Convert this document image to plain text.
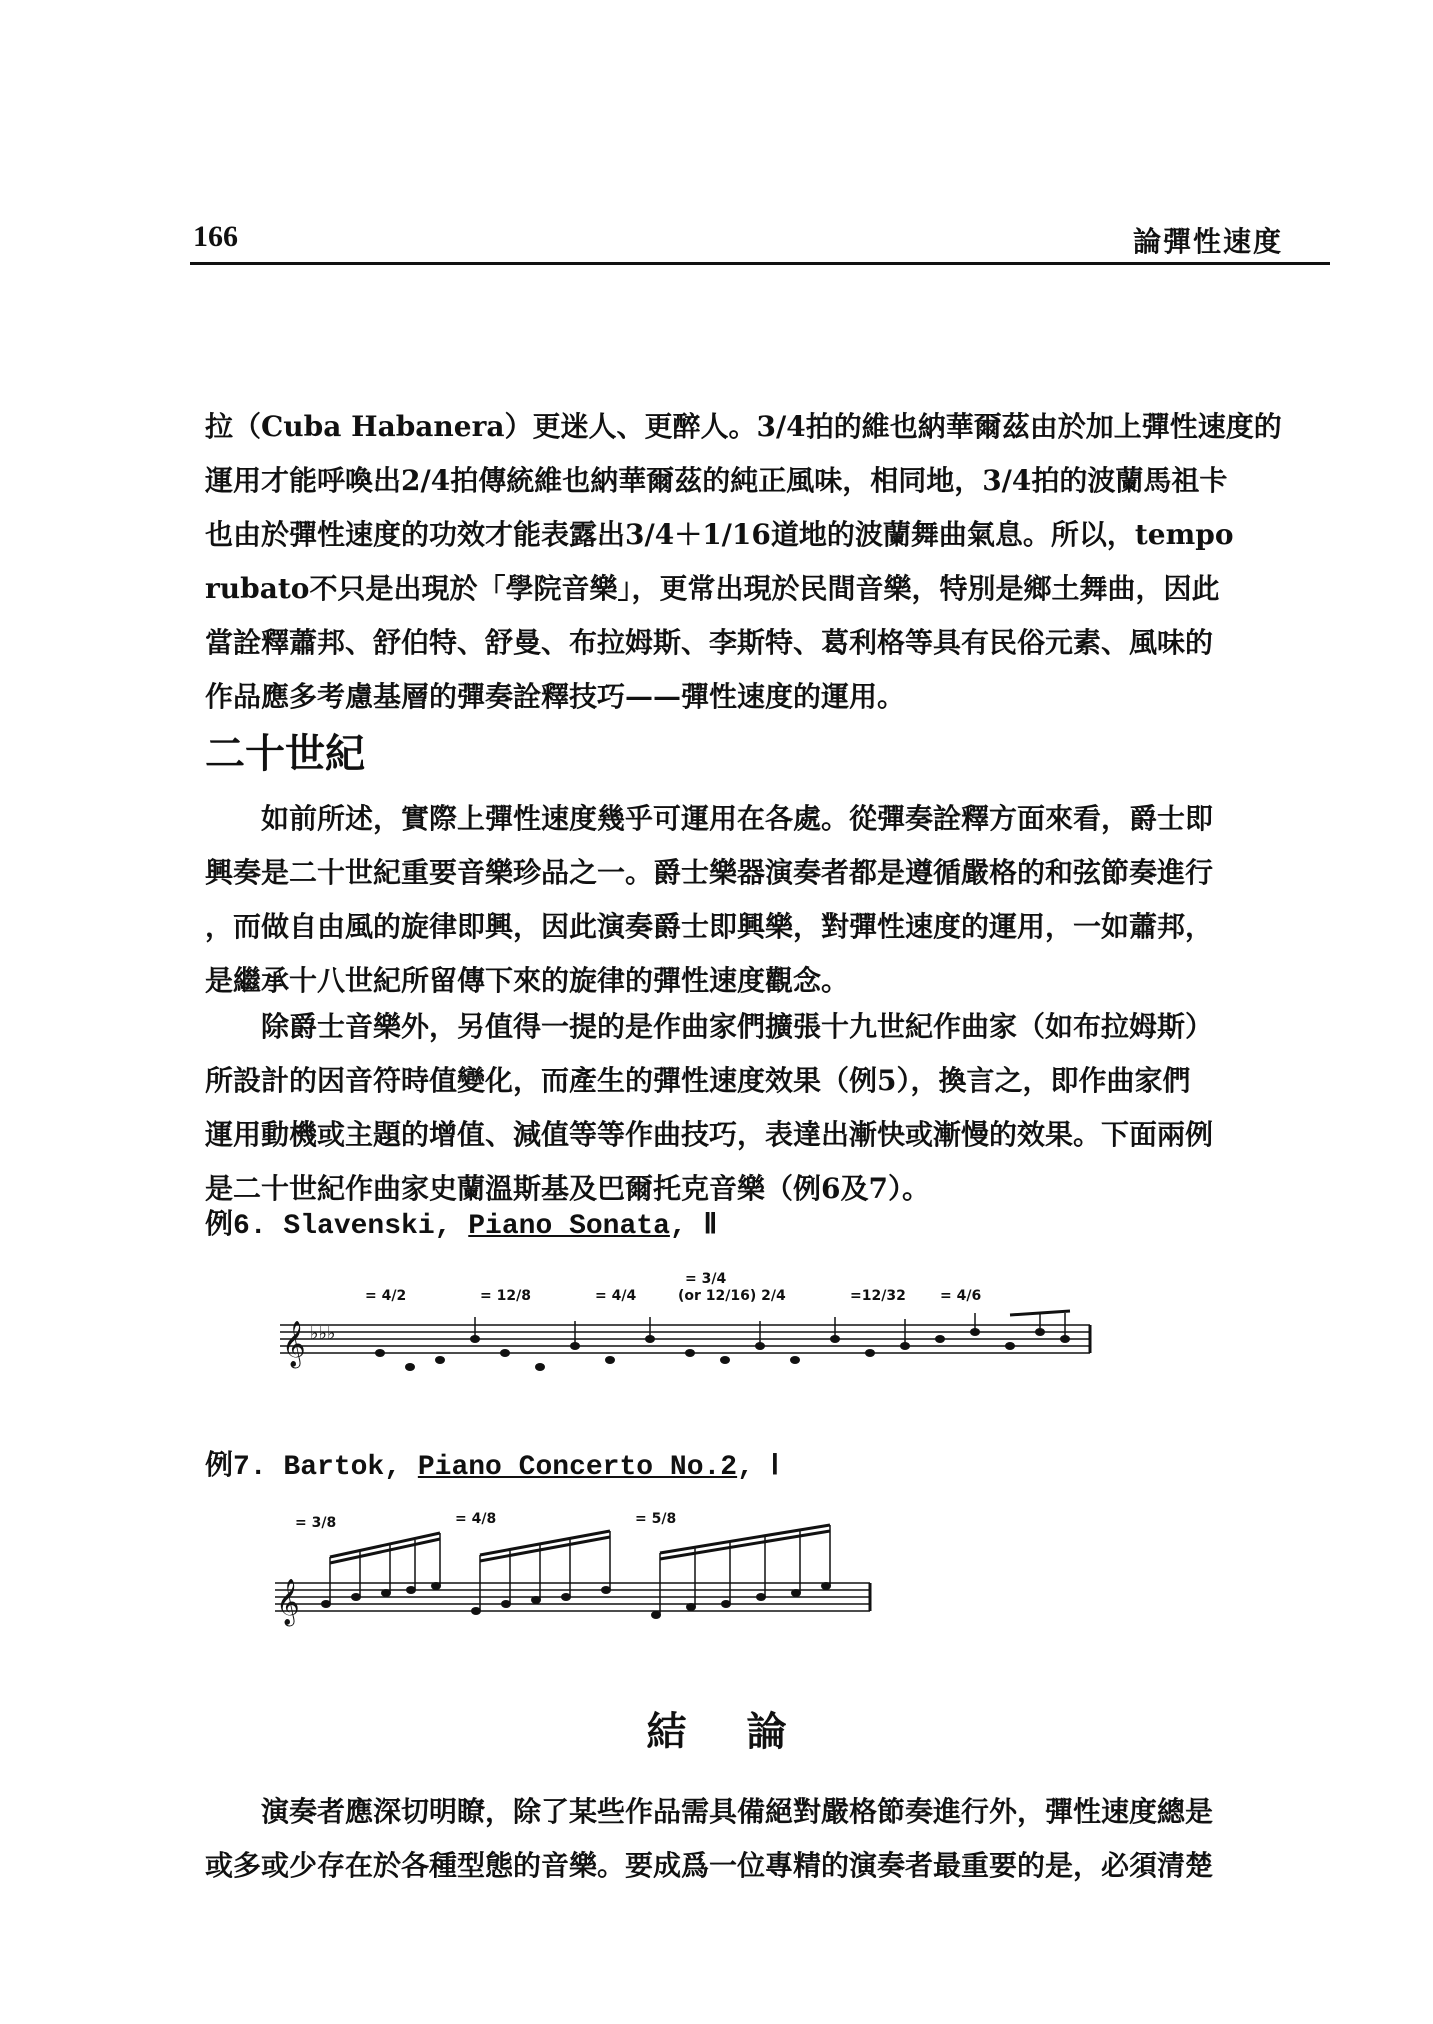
166	論彈性速度
拉（Cuba Habanera）更迷人、更醉人。3/4拍的維也納華爾茲由於加上彈性速度的
運用才能呼喚出2/4拍傳統維也納華爾茲的純正風味，相同地，3/4拍的波蘭馬祖卡
也由於彈性速度的功效才能表露出3/4＋1/16道地的波蘭舞曲氣息。所以，tempo
rubato不只是出現於「學院音樂」，更常出現於民間音樂，特別是鄉土舞曲，因此
當詮釋蕭邦、舒伯特、舒曼、布拉姆斯、李斯特、葛利格等具有民俗元素、風味的
作品應多考慮基層的彈奏詮釋技巧——彈性速度的運用。
二十世紀
　　如前所述，實際上彈性速度幾乎可運用在各處。從彈奏詮釋方面來看，爵士即
興奏是二十世紀重要音樂珍品之一。爵士樂器演奏者都是遵循嚴格的和弦節奏進行
，而做自由風的旋律即興，因此演奏爵士即興樂，對彈性速度的運用，一如蕭邦，
是繼承十八世紀所留傳下來的旋律的彈性速度觀念。
　　除爵士音樂外，另值得一提的是作曲家們擴張十九世紀作曲家（如布拉姆斯）
所設計的因音符時值變化，而產生的彈性速度效果（例5），換言之，即作曲家們
運用動機或主題的增值、減值等等作曲技巧，表達出漸快或漸慢的效果。下面兩例
是二十世紀作曲家史蘭溫斯基及巴爾托克音樂（例6及7）。
例6. Slavenski, Piano Sonata, Ⅱ
= 4/2	= 12/8	= 4/4
= 3/4
(or 12/16) 2/4	=12/32 = 4/6
𝄞 ♭♭♭
例7. Bartok, Piano Concerto No.2, Ⅰ
= 3/8	= 4/8	= 5/8
𝄞
結論
　　演奏者應深切明瞭，除了某些作品需具備絕對嚴格節奏進行外，彈性速度總是
或多或少存在於各種型態的音樂。要成爲一位專精的演奏者最重要的是，必須清楚
